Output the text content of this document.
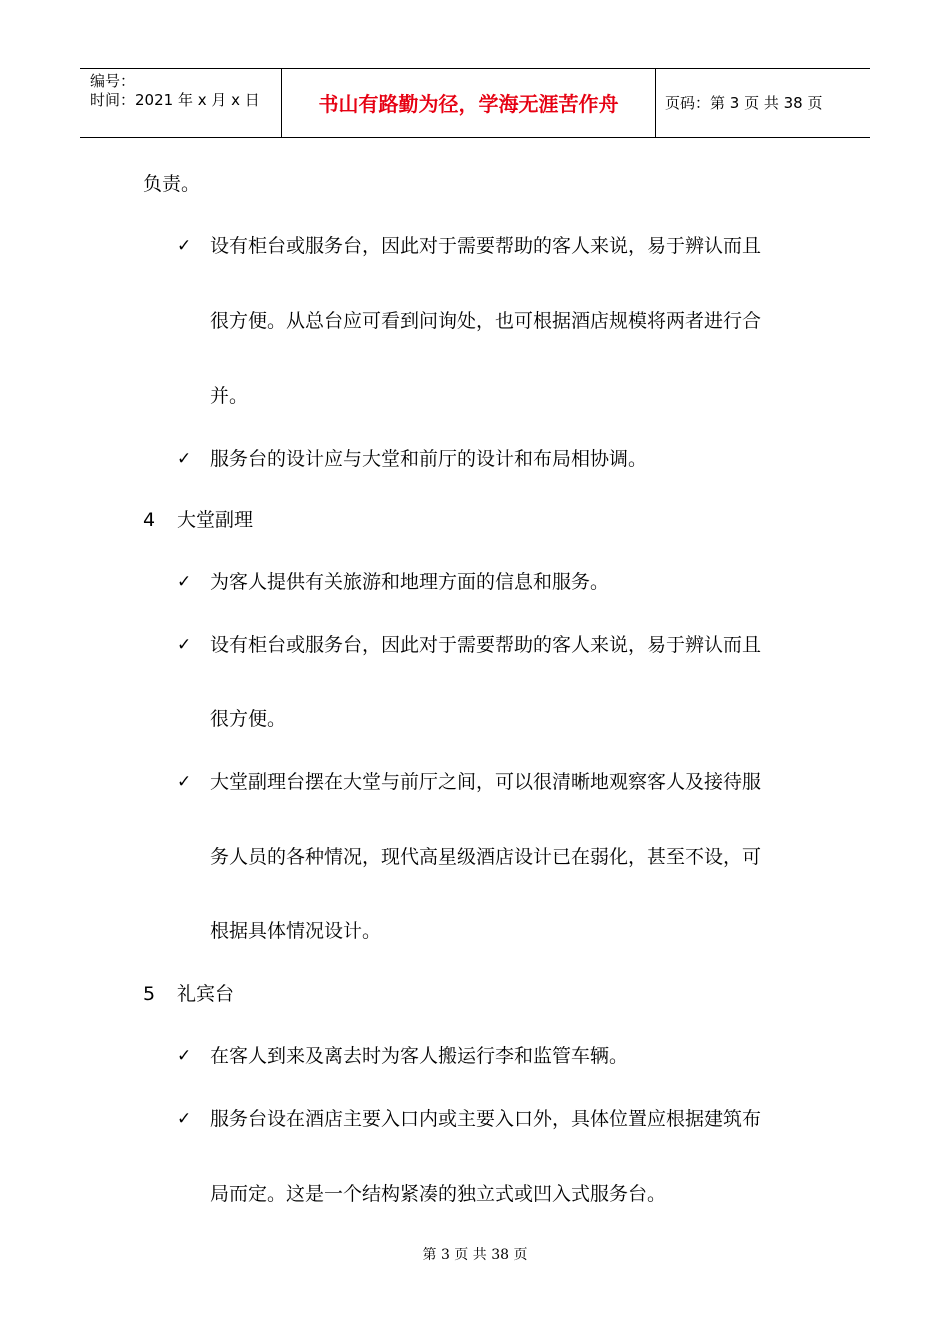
编号：
时间：2021 年 x 月 x 日	书山有路勤为径，学海无涯苦作舟	页码：第 3 页 共 38 页
负责。
✓ 设有柜台或服务台，因此对于需要帮助的客人来说，易于辨认而且
很方便。从总台应可看到问询处，也可根据酒店规模将两者进行合
并。
✓ 服务台的设计应与大堂和前厅的设计和布局相协调。
4 大堂副理
✓ 为客人提供有关旅游和地理方面的信息和服务。
✓ 设有柜台或服务台，因此对于需要帮助的客人来说，易于辨认而且
很方便。
✓ 大堂副理台摆在大堂与前厅之间，可以很清晰地观察客人及接待服
务人员的各种情况，现代高星级酒店设计已在弱化，甚至不设，可
根据具体情况设计。
5 礼宾台
✓ 在客人到来及离去时为客人搬运行李和监管车辆。
✓ 服务台设在酒店主要入口内或主要入口外，具体位置应根据建筑布
局而定。这是一个结构紧凑的独立式或凹入式服务台。
第 3 页 共 38 页
